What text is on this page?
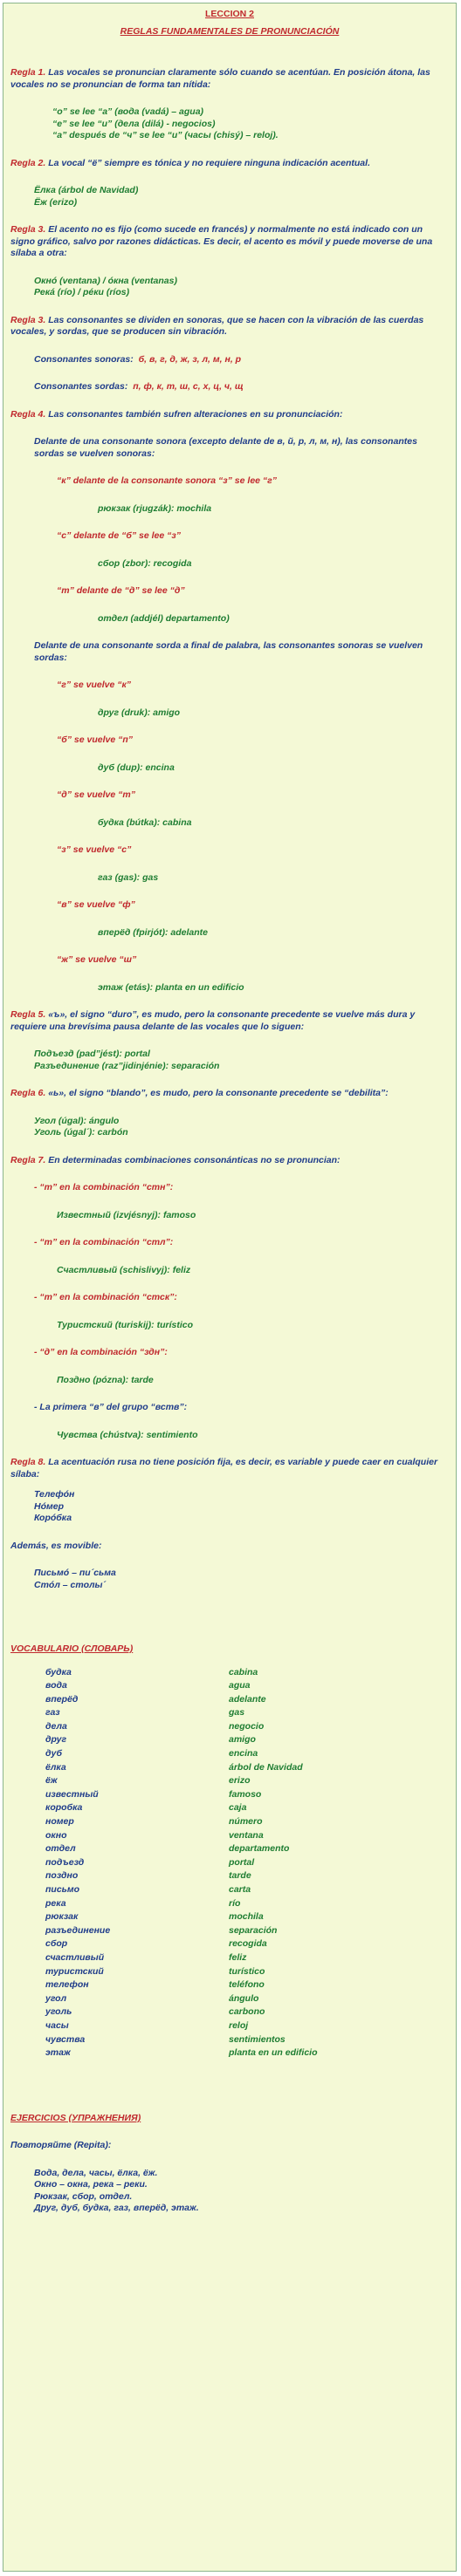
LECCION 2

REGLAS FUNDAMENTALES DE PRONUNCIACIÓN

Regla 1. Las vocales se pronuncian claramente sólo cuando se acentúan. En posición átona, las vocales no se pronuncian de forma tan nítida:

“о” se lee “а” (вода (vadá) – agua)

“е” se lee “и” (дела (dilá) - negocios)

“а” después de “ч” se lee “и” (часы (chisý) – reloj).

Regla 2. La vocal “ё” siempre es tónica y no requiere ninguna indicación acentual.

Ёлка (árbol de Navidad)

Ёж (erizo)

Regla 3. El acento no es fijo (como sucede en francés) y normalmente no está indicado con un signo gráfico, salvo por razones didácticas. Es decir, el acento es móvil y puede moverse de una sílaba a otra:

Окнó (ventana) / óкна (ventanas)

Рекá (río) / рéки (ríos)

Regla 3. Las consonantes se dividen en sonoras, que se hacen con la vibración de las cuerdas vocales, y sordas, que se producen sin vibración.

Consonantes sonoras: б, в, г, д, ж, з, л, м, н, р

Consonantes sordas: п, ф, к, т, ш, с, х, ц, ч, щ

Regla 4. Las consonantes también sufren alteraciones en su pronunciación:

Delante de una consonante sonora (excepto delante de в, й, р, л, м, н), las consonantes sordas se vuelven sonoras:

“к” delante de la consonante sonora “з” se lee “г”

рюкзак (rjugzák): mochila

“с” delante de “б” se lee “з”

сбор (zbor): recogida

“т” delante de “д” se lee “д”

отдел (addjél) departamento)

Delante de una consonante sorda a final de palabra, las consonantes sonoras se vuelven sordas:

“г” se vuelve “к”

друг (druk): amigo

“б” se vuelve “п”

дуб (dup): encina

“д” se vuelve “т”

будка (bútka): cabina

“з” se vuelve “с”

газ (gas): gas

“в” se vuelve “ф”

вперёд (fpirjót): adelante

“ж” se vuelve “ш”

этаж (etás): planta en un edificio

Regla 5. «ъ», el signo “duro”, es mudo, pero la consonante precedente se vuelve más dura y requiere una brevísima pausa delante de las vocales que lo siguen:

Подъезд (pad”jést): portal

Разъединение (raz”jidinjénie): separación

Regla 6. «ь», el signo “blando”, es mudo, pero la consonante precedente se “debilita”:

Угол (úgal): ángulo

Уголь (úgal´): carbón

Regla 7. En determinadas combinaciones consonánticas no se pronuncian:

- “т” en la combinación “стн”:

Известный (izvjésnyj): famoso

- “т” en la combinación “стл”:

Счастливый (schislivyj): feliz

- “т” en la combinación “стск”:

Туристский (turiskij): turístico

- “д” en la combinación “здн”:

Поздно (pózna): tarde

- La primera “в” del grupo “вств”:

Чувства (chústva): sentimiento

Regla 8. La acentuación rusa no tiene posición fija, es decir, es variable y puede caer en cualquier sílaba:

Телефóн

Нóмер

Корóбка

Además, es movible:

Письмó – пи´сьма

Стóл – столы´

VOCABULARIO (СЛОВАРЬ)

будка	cabina
вода	agua
вперёд	adelante
газ	gas
дела	negocio
друг	amigo
дуб	encina
ёлка	árbol de Navidad
ёж	erizo
известный	famoso
коробка	caja
номер	número
окно	ventana
отдел	departamento
подъезд	portal
поздно	tarde
письмо	carta
река	río
рюкзак	mochila
разъединение	separación
сбор	recogida
счастливый	feliz
туристский	turístico
телефон	teléfono
угол	ángulo
уголь	carbono
часы	reloj
чувства	sentimientos
этаж	planta en un edificio

EJERCICIOS (УПРАЖНЕНИЯ)

Повторяйте (Repita):

Вода, дела, часы, ёлка, ёж.

Окно – окна, река – реки.

Рюкзак, сбор, отдел.

Друг, дуб, будка, газ, вперёд, этаж.
